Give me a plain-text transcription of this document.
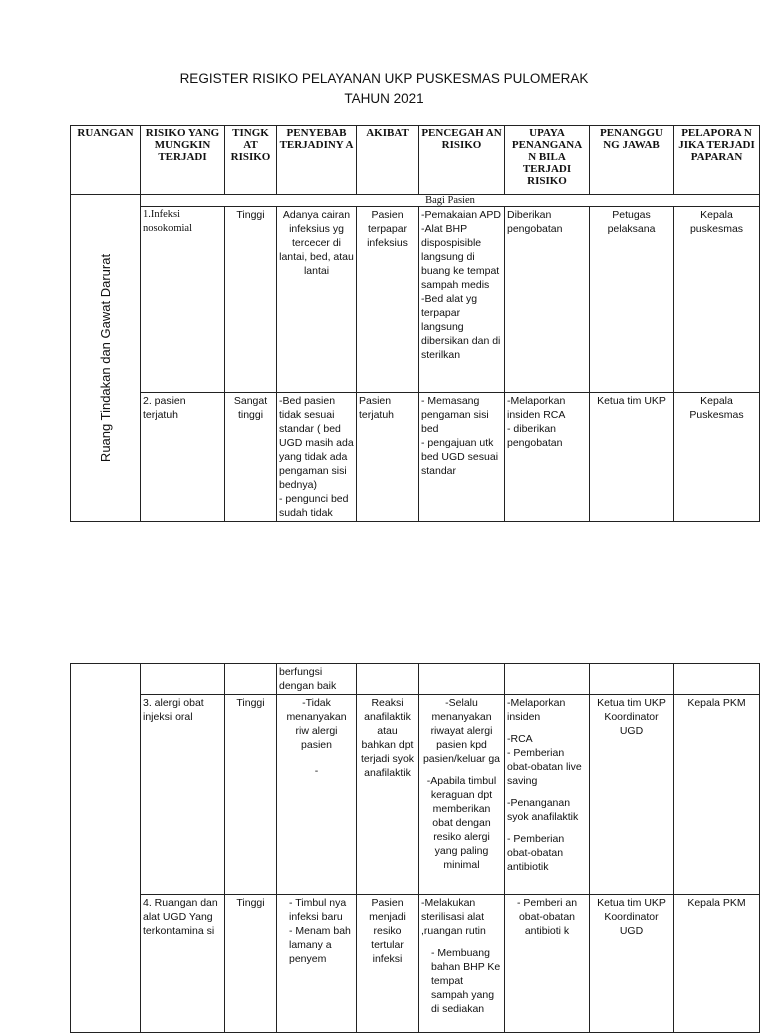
REGISTER RISIKO PELAYANAN UKP PUSKESMAS PULOMERAK
TAHUN 2021
RUANGAN	RISIKO YANG MUNGKIN TERJADI	TINGK AT RISIKO	PENYEBAB TERJADINY A	AKIBAT	PENCEGAH AN RISIKO	UPAYA PENANGANA N BILA TERJADI RISIKO	PENANGGU NG JAWAB	PELAPORA N JIKA TERJADI PAPARAN

Ruang Tindakan dan Gawat Darurat	Bagi Pasien							
	1.Infeksi nosokomial	Tinggi	Adanya cairan infeksius yg tercecer di lantai, bed, atau lantai	Pasien terpapar infeksius	-Pemakaian APD
-Alat BHP dispospisible langsung di buang ke tempat sampah medis
-Bed alat yg terpapar langsung dibersikan dan di sterilkan	Diberikan pengobatan	Petugas pelaksana	Kepala puskesmas
	2. pasien terjatuh	Sangat tinggi	-Bed pasien tidak sesuai standar ( bed UGD masih ada yang tidak ada pengaman sisi bednya)
- pengunci bed sudah tidak	Pasien terjatuh	- Memasang pengaman sisi bed
- pengajuan utk bed UGD sesuai standar	-Melaporkan insiden RCA
- diberikan pengobatan	Ketua tim UKP	Kepala Puskesmas
			berfungsi dengan baik					
	3. alergi obat injeksi oral	Tinggi	-Tidak menanyakan riw alergi pasien
-	Reaksi anafilaktik atau bahkan dpt terjadi syok anafilaktik	-Selalu menanyakan riwayat alergi pasien kpd pasien/keluar ga
-Apabila timbul keraguan dpt memberikan obat dengan resiko alergi yang paling minimal	-Melaporkan insiden
-RCA
- Pemberian obat-obatan live saving
-Penanganan syok anafilaktik
- Pemberian obat-obatan antibiotik	Ketua tim UKP Koordinator UGD	Kepala PKM
	4. Ruangan dan alat UGD Yang terkontamina si	Tinggi	- Timbul nya infeksi baru
- Menam bah lamany a penyem	Pasien menjadi resiko tertular infeksi	-Melakukan sterilisasi alat ,ruangan rutin
- Membuang bahan BHP Ke tempat sampah yang di sediakan	- Pemberi an obat-obatan antibioti k	Ketua tim UKP Koordinator UGD	Kepala PKM
